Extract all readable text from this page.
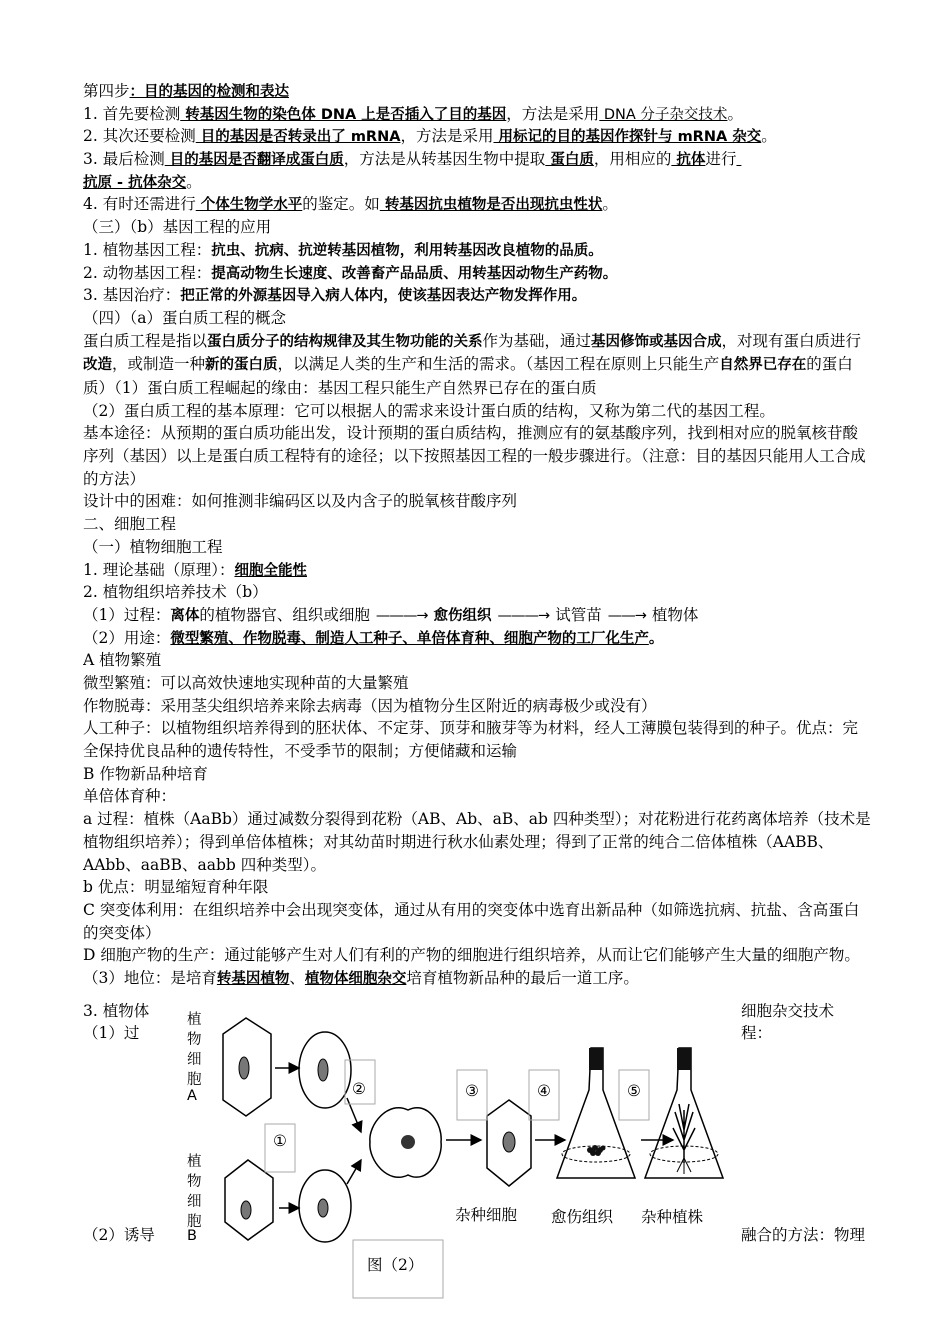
第四步：目的基因的检测和表达
1. 首先要检测 转基因生物的染色体 DNA 上是否插入了目的基因，方法是采用 DNA 分子杂交技术。
2. 其次还要检测 目的基因是否转录出了 mRNA，方法是采用 用标记的目的基因作探针与 mRNA 杂交。
3. 最后检测 目的基因是否翻译成蛋白质，方法是从转基因生物中提取 蛋白质，用相应的 抗体进行
抗原 - 抗体杂交。
4. 有时还需进行 个体生物学水平的鉴定。如 转基因抗虫植物是否出现抗虫性状。
（三）（b）基因工程的应用
1. 植物基因工程：抗虫、抗病、抗逆转基因植物，利用转基因改良植物的品质。
2. 动物基因工程：提高动物生长速度、改善畜产品品质、用转基因动物生产药物。
3. 基因治疗：把正常的外源基因导入病人体内，使该基因表达产物发挥作用。
（四）（a）蛋白质工程的概念
蛋白质工程是指以蛋白质分子的结构规律及其生物功能的关系作为基础，通过基因修饰或基因合成，对现有蛋白质进行改造，或制造一种新的蛋白质，以满足人类的生产和生活的需求。（基因工程在原则上只能生产自然界已存在的蛋白质）（1）蛋白质工程崛起的缘由：基因工程只能生产自然界已存在的蛋白质
（2）蛋白质工程的基本原理：它可以根据人的需求来设计蛋白质的结构，又称为第二代的基因工程。
基本途径：从预期的蛋白质功能出发，设计预期的蛋白质结构，推测应有的氨基酸序列，找到相对应的脱氧核苷酸序列（基因）以上是蛋白质工程特有的途径；以下按照基因工程的一般步骤进行。（注意：目的基因只能用人工合成的方法）
设计中的困难：如何推测非编码区以及内含子的脱氧核苷酸序列
二、细胞工程
（一）植物细胞工程
1. 理论基础（原理）：细胞全能性
2. 植物组织培养技术（b）
（1）过程：离体的植物器官、组织或细胞 ———→ 愈伤组织 ———→ 试管苗 ——→ 植物体
（2）用途：微型繁殖、作物脱毒、制造人工种子、单倍体育种、细胞产物的工厂化生产。
A 植物繁殖
微型繁殖：可以高效快速地实现种苗的大量繁殖
作物脱毒：采用茎尖组织培养来除去病毒（因为植物分生区附近的病毒极少或没有）
人工种子：以植物组织培养得到的胚状体、不定芽、顶芽和腋芽等为材料，经人工薄膜包装得到的种子。优点：完全保持优良品种的遗传特性，不受季节的限制；方便储藏和运输
B 作物新品种培育
单倍体育种：
a 过程：植株（AaBb）通过减数分裂得到花粉（AB、Ab、aB、ab 四种类型）；对花粉进行花药离体培养（技术是植物组织培养）；得到单倍体植株；对其幼苗时期进行秋水仙素处理；得到了正常的纯合二倍体植株（AABB、AAbb、aaBB、aabb 四种类型）。
b 优点：明显缩短育种年限
C 突变体利用：在组织培养中会出现突变体，通过从有用的突变体中选育出新品种（如筛选抗病、抗盐、含高蛋白的突变体）
D 细胞产物的生产：通过能够产生对人们有利的产物的细胞进行组织培养，从而让它们能够产生大量的细胞产物。
（3）地位：是培育转基因植物、植物体细胞杂交培育植物新品种的最后一道工序。
3. 植物体
（1）过
（2）诱导
细胞杂交技术
程：
融合的方法：物理
植物细胞
A
植物细胞
B
①
②	③	④	⑤
杂种细胞 愈伤组织 杂种植株
图（2）
